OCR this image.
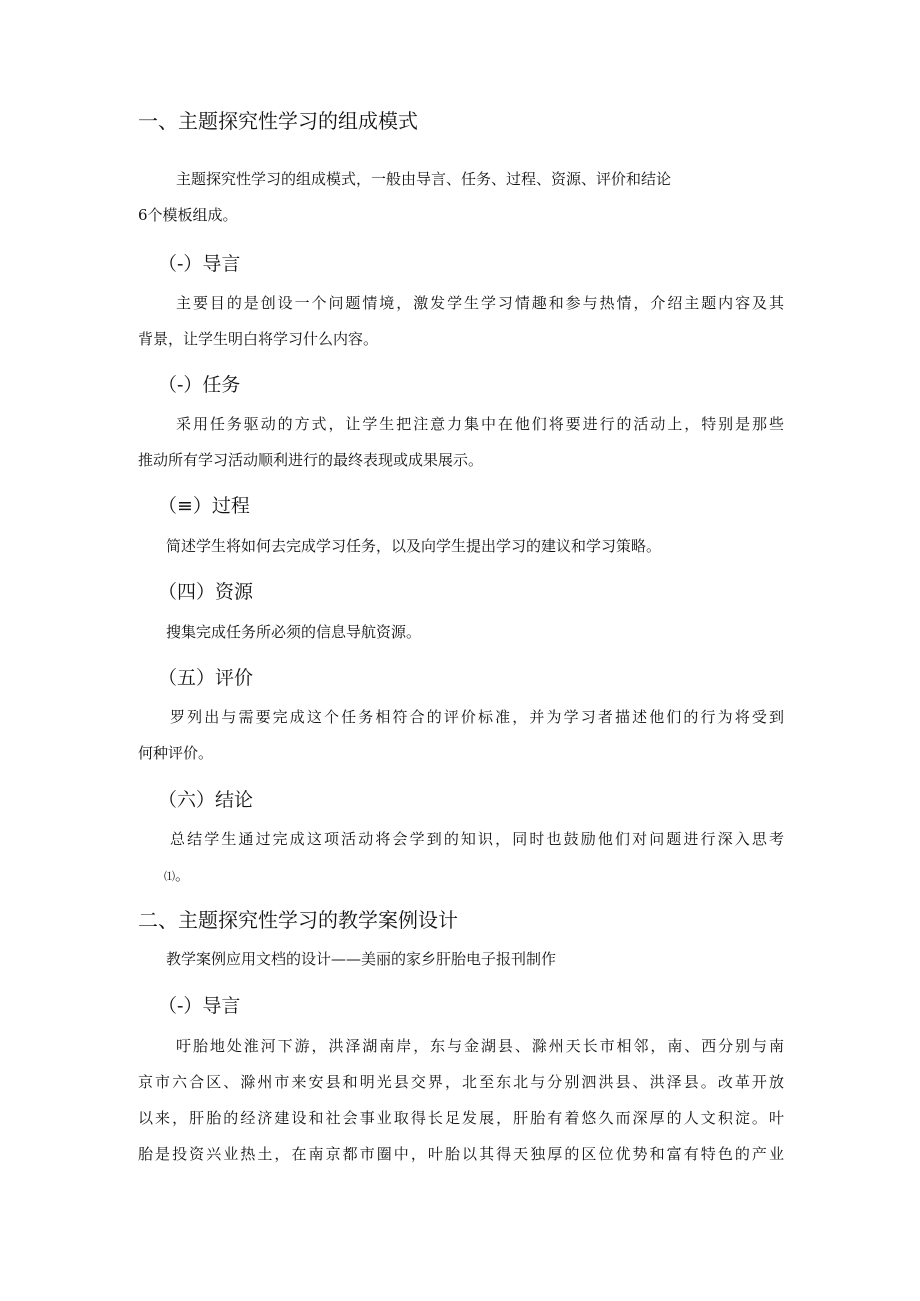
一、主题探究性学习的组成模式
主题探究性学习的组成模式，一般由导言、任务、过程、资源、评价和结论
6个模板组成。
（-）导言
主要目的是创设一个问题情境，激发学生学习情趣和参与热情，介绍主题内容及其
背景，让学生明白将学习什么内容。
（-）任务
采用任务驱动的方式，让学生把注意力集中在他们将要进行的活动上，特别是那些
推动所有学习活动顺利进行的最终表现或成果展示。
（≡）过程
简述学生将如何去完成学习任务，以及向学生提出学习的建议和学习策略。
（四）资源
搜集完成任务所必须的信息导航资源。
（五）评价
罗列出与需要完成这个任务相符合的评价标准，并为学习者描述他们的行为将受到
何种评价。
（六）结论
总结学生通过完成这项活动将会学到的知识，同时也鼓励他们对问题进行深入思考
⑴。
二、主题探究性学习的教学案例设计
教学案例应用文档的设计——美丽的家乡肝胎电子报刊制作
（-）导言
吁胎地处淮河下游，洪泽湖南岸，东与金湖县、滁州天长市相邻，南、西分别与南
京市六合区、滁州市来安县和明光县交界，北至东北与分别泗洪县、洪泽县。改革开放
以来，肝胎的经济建设和社会事业取得长足发展，肝胎有着悠久而深厚的人文积淀。叶
胎是投资兴业热土，在南京都市圈中，叶胎以其得天独厚的区位优势和富有特色的产业
